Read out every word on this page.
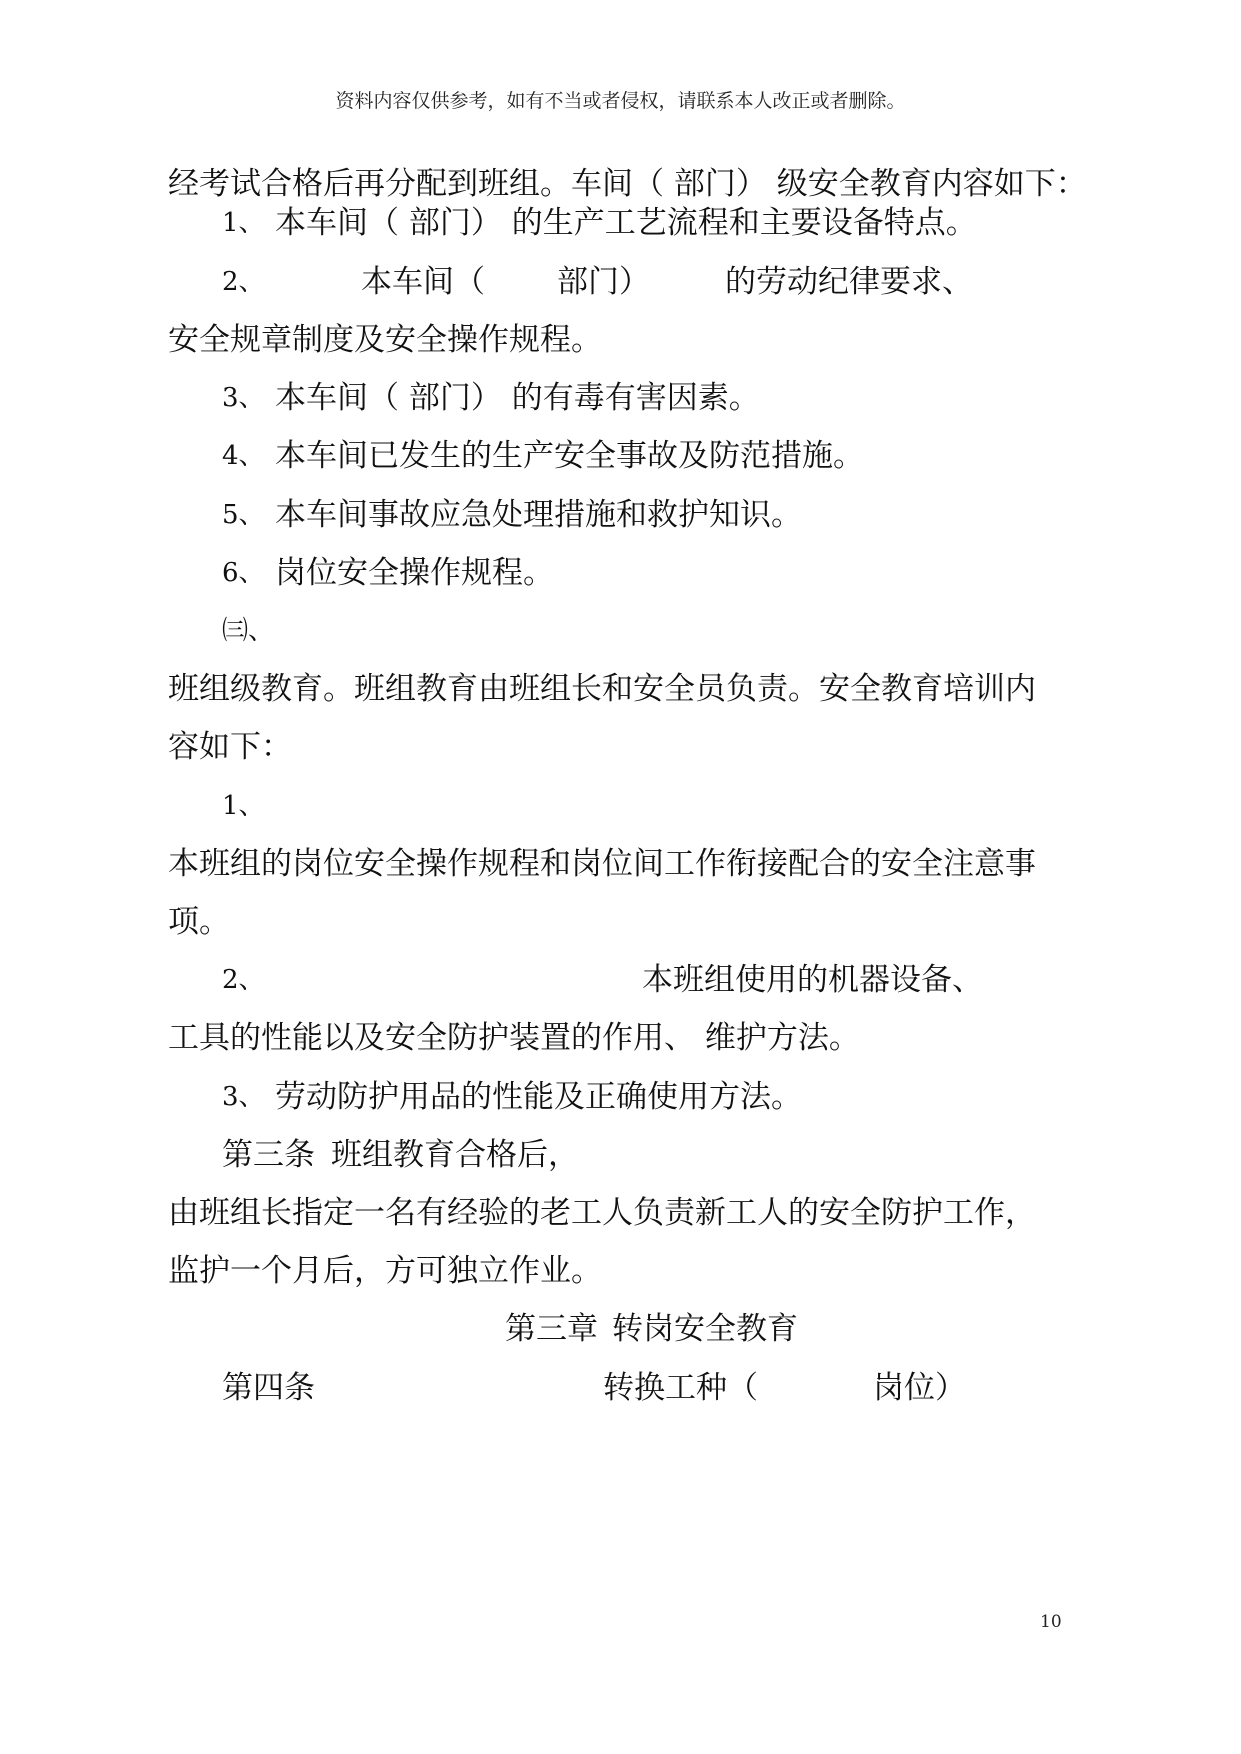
资料内容仅供参考，如有不当或者侵权，请联系本人改正或者删除。
经考试合格后再分配到班组。车间（ 部门） 级安全教育内容如下：
1、 本车间（ 部门） 的生产工艺流程和主要设备特点。
2、	本车间（ 部门） 的劳动纪律要求、
安全规章制度及安全操作规程。
3、 本车间（ 部门） 的有毒有害因素。
4、 本车间已发生的生产安全事故及防范措施。
5、 本车间事故应急处理措施和救护知识。
6、 岗位安全操作规程。
㈢、
班组级教育。班组教育由班组长和安全员负责。安全教育培训内
容如下：
1、
本班组的岗位安全操作规程和岗位间工作衔接配合的安全注意事
项。
2、	本班组使用的机器设备、
工具的性能以及安全防护装置的作用、 维护方法。
3、 劳动防护用品的性能及正确使用方法。
第三条 班组教育合格后，
由班组长指定一名有经验的老工人负责新工人的安全防护工作，
监护一个月后，方可独立作业。
第三章 转岗安全教育
第四条	转换工种（	岗位）
10
